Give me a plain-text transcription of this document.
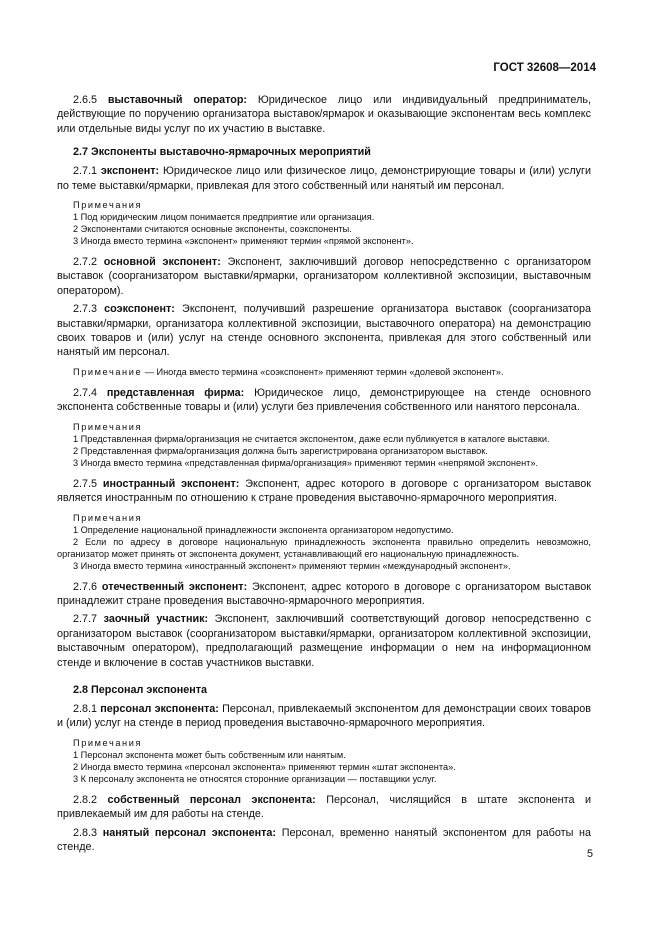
ГОСТ 32608—2014

2.6.5 выставочный оператор: Юридическое лицо или индивидуальный предприниматель, действующие по поручению организатора выставок/ярмарок и оказывающие экспонентам весь комплекс или отдельные виды услуг по их участию в выставке.

2.7 Экспоненты выставочно-ярмарочных мероприятий

2.7.1 экспонент: Юридическое лицо или физическое лицо, демонстрирующие товары и (или) услуги по теме выставки/ярмарки, привлекая для этого собственный или нанятый им персонал.

Примечания

1 Под юридическим лицом понимается предприятие или организация.

2 Экспонентами считаются основные экспоненты, соэкспоненты.

3 Иногда вместо термина «экспонент» применяют термин «прямой экспонент».

2.7.2 основной экспонент: Экспонент, заключивший договор непосредственно с организатором выставок (соорганизатором выставки/ярмарки, организатором коллективной экспозиции, выставочным оператором).

2.7.3 соэкспонент: Экспонент, получивший разрешение организатора выставок (соорганизатора выставки/ярмарки, организатора коллективной экспозиции, выставочного оператора) на демонстрацию своих товаров и (или) услуг на стенде основного экспонента, привлекая для этого собственный или нанятый им персонал.

Примечание — Иногда вместо термина «соэкспонент» применяют термин «долевой экспонент».

2.7.4 представленная фирма: Юридическое лицо, демонстрирующее на стенде основного экспонента собственные товары и (или) услуги без привлечения собственного или нанятого персонала.

Примечания

1 Представленная фирма/организация не считается экспонентом, даже если публикуется в каталоге выставки.

2 Представленная фирма/организация должна быть зарегистрирована организатором выставок.

3 Иногда вместо термина «представленная фирма/организация» применяют термин «непрямой экспонент».

2.7.5 иностранный экспонент: Экспонент, адрес которого в договоре с организатором выставок является иностранным по отношению к стране проведения выставочно-ярмарочного мероприятия.

Примечания

1 Определение национальной принадлежности экспонента организатором недопустимо.

2 Если по адресу в договоре национальную принадлежность экспонента правильно определить невозможно, организатор может принять от экспонента документ, устанавливающий его национальную принадлежность.

3 Иногда вместо термина «иностранный экспонент» применяют термин «международный экспонент».

2.7.6 отечественный экспонент: Экспонент, адрес которого в договоре с организатором выставок принадлежит стране проведения выставочно-ярмарочного мероприятия.

2.7.7 заочный участник: Экспонент, заключивший соответствующий договор непосредственно с организатором выставок (соорганизатором выставки/ярмарки, организатором коллективной экспозиции, выставочным оператором), предполагающий размещение информации о нем на информационном стенде и включение в состав участников выставки.

2.8 Персонал экспонента

2.8.1 персонал экспонента: Персонал, привлекаемый экспонентом для демонстрации своих товаров и (или) услуг на стенде в период проведения выставочно-ярмарочного мероприятия.

Примечания

1 Персонал экспонента может быть собственным или нанятым.

2 Иногда вместо термина «персонал экспонента» применяют термин «штат экспонента».

3 К персоналу экспонента не относятся сторонние организации — поставщики услуг.

2.8.2 собственный персонал экспонента: Персонал, числящийся в штате экспонента и привлекаемый им для работы на стенде.

2.8.3 нанятый персонал экспонента: Персонал, временно нанятый экспонентом для работы на стенде.

5
